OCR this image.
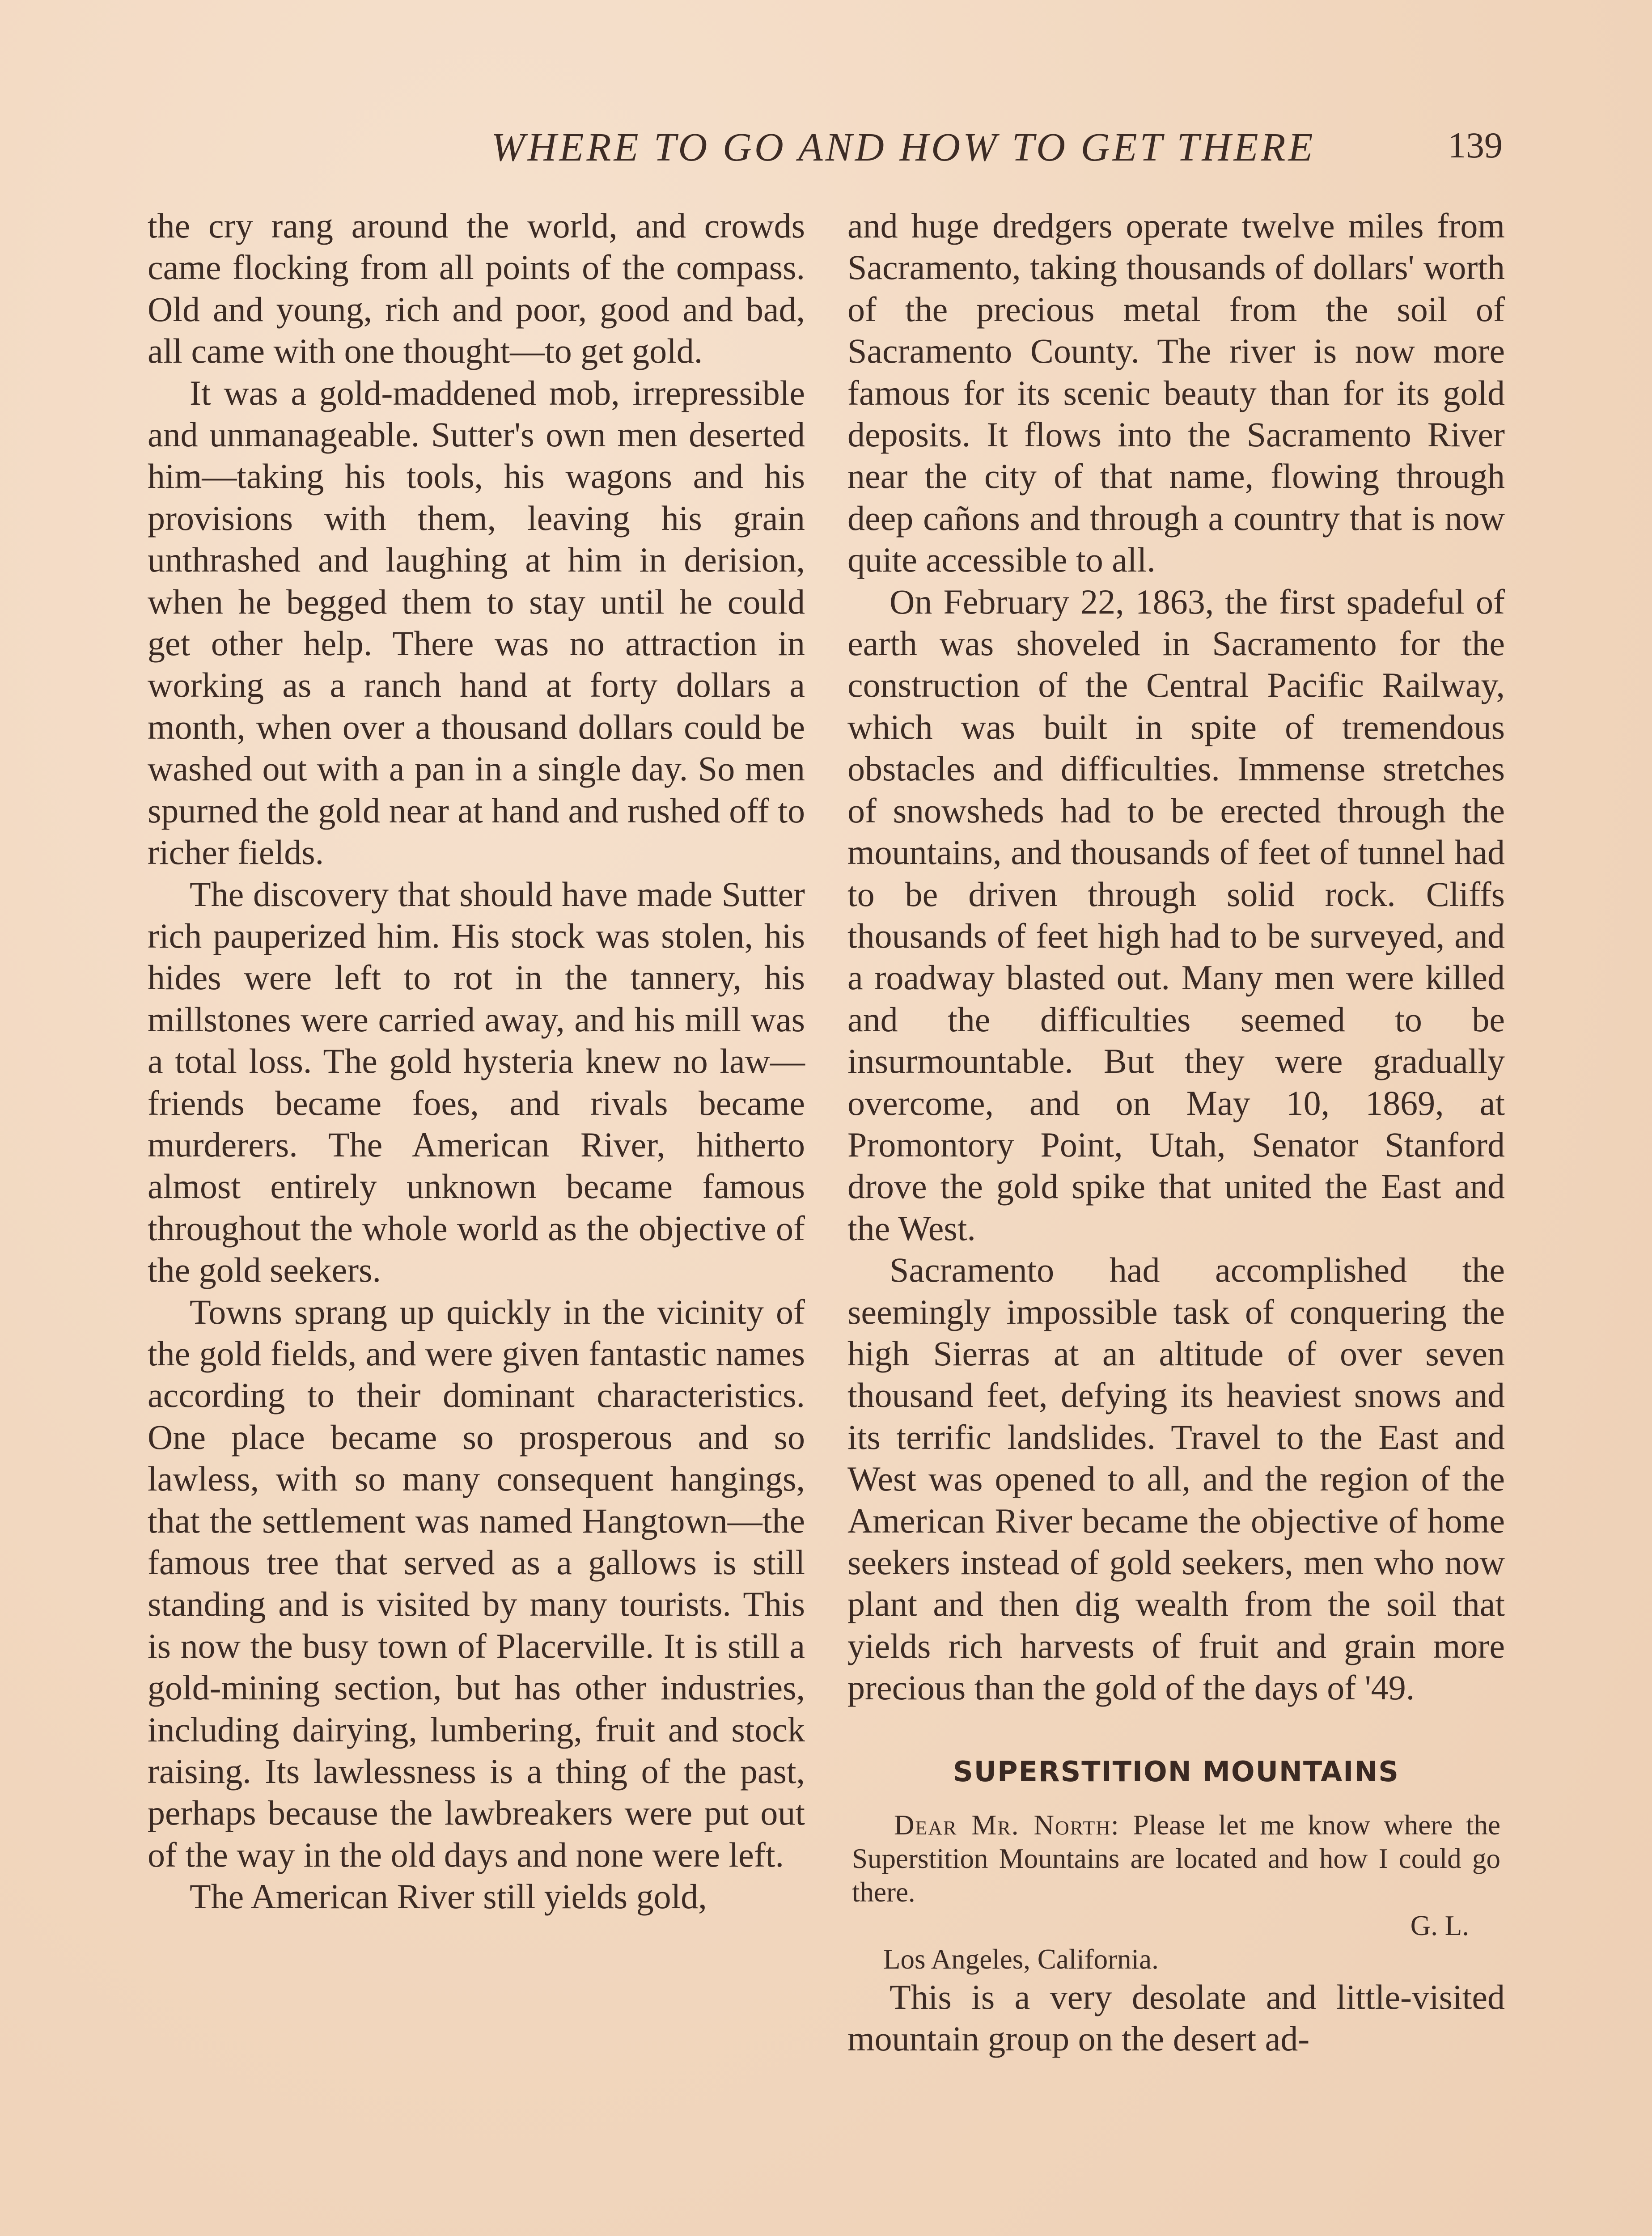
WHERE TO GO AND HOW TO GET THERE	139

the cry rang around the world, and crowds came flocking from all points of the compass. Old and young, rich and poor, good and bad, all came with one thought—to get gold.

It was a gold-maddened mob, irrepressible and unmanageable. Sutter's own men deserted him—taking his tools, his wagons and his provisions with them, leaving his grain unthrashed and laughing at him in derision, when he begged them to stay until he could get other help. There was no attraction in working as a ranch hand at forty dollars a month, when over a thousand dollars could be washed out with a pan in a single day. So men spurned the gold near at hand and rushed off to richer fields.

The discovery that should have made Sutter rich pauperized him. His stock was stolen, his hides were left to rot in the tannery, his millstones were carried away, and his mill was a total loss. The gold hysteria knew no law—friends became foes, and rivals became murderers. The American River, hitherto almost entirely unknown became famous throughout the whole world as the objective of the gold seekers.

Towns sprang up quickly in the vicinity of the gold fields, and were given fantastic names according to their dominant characteristics. One place became so prosperous and so lawless, with so many consequent hangings, that the settlement was named Hangtown—the famous tree that served as a gallows is still standing and is visited by many tourists. This is now the busy town of Placerville. It is still a gold-mining section, but has other industries, including dairying, lumbering, fruit and stock raising. Its lawlessness is a thing of the past, perhaps because the lawbreakers were put out of the way in the old days and none were left.

The American River still yields gold,

and huge dredgers operate twelve miles from Sacramento, taking thousands of dollars' worth of the precious metal from the soil of Sacramento County. The river is now more famous for its scenic beauty than for its gold deposits. It flows into the Sacramento River near the city of that name, flowing through deep cañons and through a country that is now quite accessible to all.

On February 22, 1863, the first spadeful of earth was shoveled in Sacramento for the construction of the Central Pacific Railway, which was built in spite of tremendous obstacles and difficulties. Immense stretches of snowsheds had to be erected through the mountains, and thousands of feet of tunnel had to be driven through solid rock. Cliffs thousands of feet high had to be surveyed, and a roadway blasted out. Many men were killed and the difficulties seemed to be insurmountable. But they were gradually overcome, and on May 10, 1869, at Promontory Point, Utah, Senator Stanford drove the gold spike that united the East and the West.

Sacramento had accomplished the seemingly impossible task of conquering the high Sierras at an altitude of over seven thousand feet, defying its heaviest snows and its terrific landslides. Travel to the East and West was opened to all, and the region of the American River became the objective of home seekers instead of gold seekers, men who now plant and then dig wealth from the soil that yields rich harvests of fruit and grain more precious than the gold of the days of '49.

SUPERSTITION MOUNTAINS

Dear Mr. North: Please let me know where the Superstition Mountains are located and how I could go there.

G. L.

Los Angeles, California.

This is a very desolate and little-visited mountain group on the desert ad-
